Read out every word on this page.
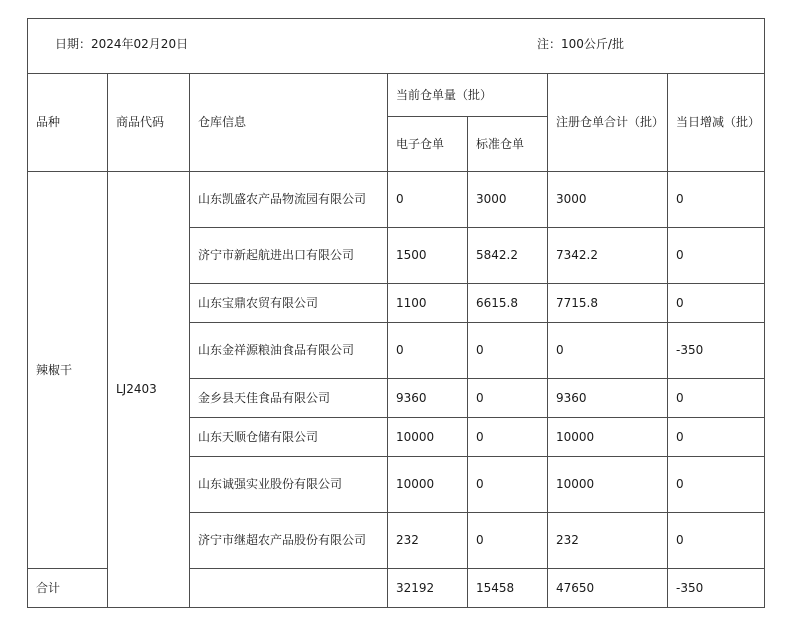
日期：2024年02月20日 注：100公斤/批						

品种	商品代码	仓库信息	当前仓单量（批）		注册仓单合计（批）	当日增减（批）
			电子仓单	标准仓单		
辣椒干	LJ2403	山东凯盛农产品物流园有限公司	0	3000	3000	0
		济宁市新起航进出口有限公司	1500	5842.2	7342.2	0
		山东宝鼎农贸有限公司	1100	6615.8	7715.8	0
		山东金祥源粮油食品有限公司	0	0	0	-350
		金乡县天佳食品有限公司	9360	0	9360	0
		山东天顺仓储有限公司	10000	0	10000	0
		山东诚强实业股份有限公司	10000	0	10000	0
		济宁市继超农产品股份有限公司	232	0	232	0
合计			32192	15458	47650	-350
